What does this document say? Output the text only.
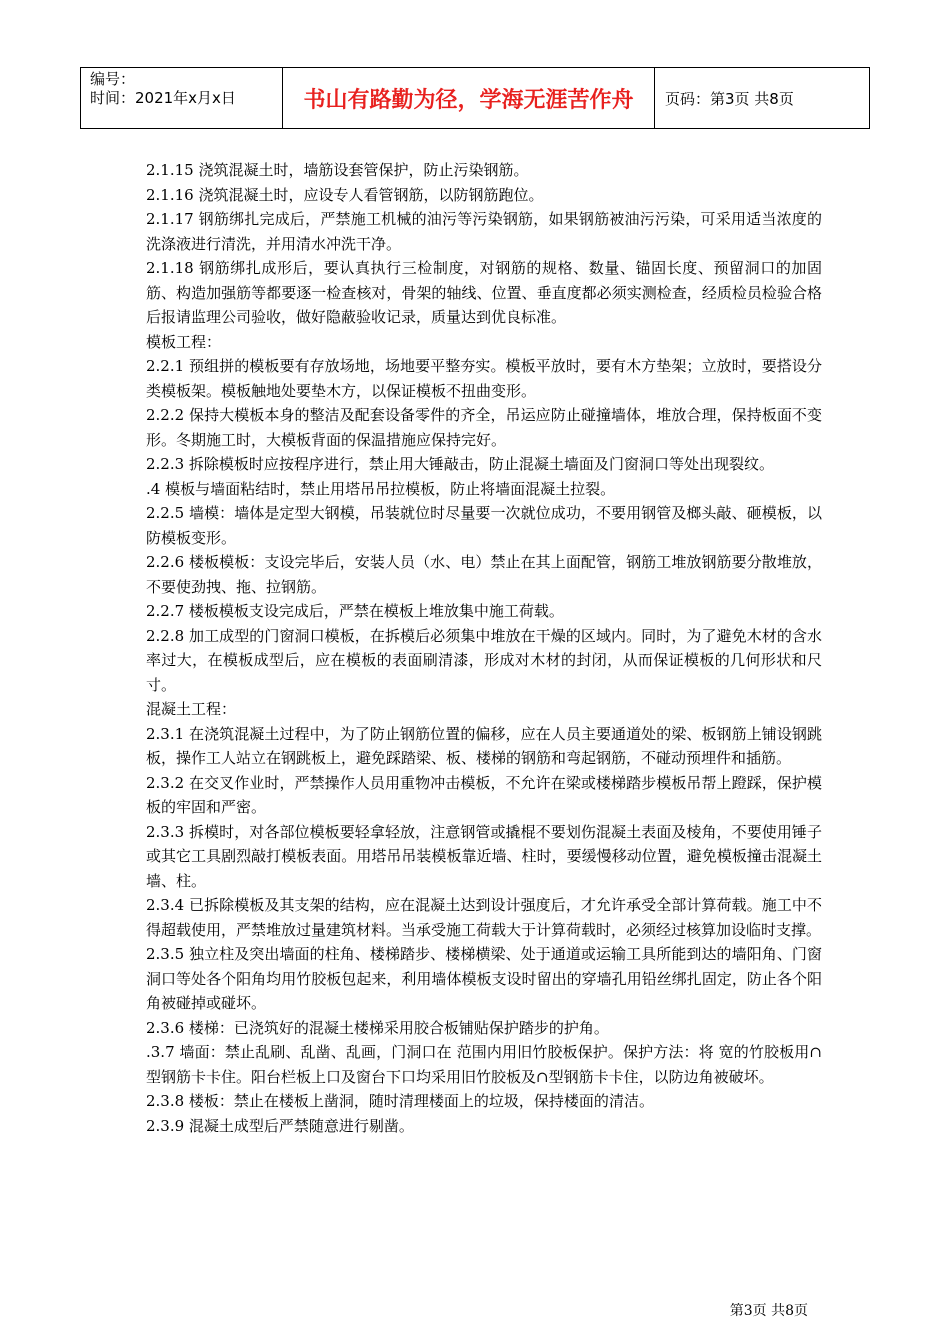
编号：
时间：2021年x月x日	书山有路勤为径，学海无涯苦作舟 页码：第3页 共8页

2.1.15 浇筑混凝土时，墙筋设套管保护，防止污染钢筋。

2.1.16 浇筑混凝土时，应设专人看管钢筋，以防钢筋跑位。

2.1.17 钢筋绑扎完成后，严禁施工机械的油污等污染钢筋，如果钢筋被油污污染，可采用适当浓度的洗涤液进行清洗，并用清水冲洗干净。

2.1.18 钢筋绑扎成形后，要认真执行三检制度，对钢筋的规格、数量、锚固长度、预留洞口的加固筋、构造加强筋等都要逐一检查核对，骨架的轴线、位置、垂直度都必须实测检查，经质检员检验合格后报请监理公司验收，做好隐蔽验收记录，质量达到优良标准。

模板工程：

2.2.1 预组拼的模板要有存放场地，场地要平整夯实。模板平放时，要有木方垫架；立放时，要搭设分类模板架。模板触地处要垫木方，以保证模板不扭曲变形。

2.2.2 保持大模板本身的整洁及配套设备零件的齐全，吊运应防止碰撞墙体，堆放合理，保持板面不变形。冬期施工时，大模板背面的保温措施应保持完好。

2.2.3 拆除模板时应按程序进行，禁止用大锤敲击，防止混凝土墙面及门窗洞口等处出现裂纹。

.4 模板与墙面粘结时，禁止用塔吊吊拉模板，防止将墙面混凝土拉裂。

2.2.5 墙模：墙体是定型大钢模，吊装就位时尽量要一次就位成功，不要用钢管及榔头敲、砸模板，以防模板变形。

2.2.6 楼板模板：支设完毕后，安装人员（水、电）禁止在其上面配管，钢筋工堆放钢筋要分散堆放，不要使劲拽、拖、拉钢筋。

2.2.7 楼板模板支设完成后，严禁在模板上堆放集中施工荷载。

2.2.8 加工成型的门窗洞口模板，在拆模后必须集中堆放在干燥的区域内。同时，为了避免木材的含水率过大，在模板成型后，应在模板的表面刷清漆，形成对木材的封闭，从而保证模板的几何形状和尺寸。

混凝土工程：

2.3.1 在浇筑混凝土过程中，为了防止钢筋位置的偏移，应在人员主要通道处的梁、板钢筋上铺设钢跳板，操作工人站立在钢跳板上，避免踩踏梁、板、楼梯的钢筋和弯起钢筋，不碰动预埋件和插筋。

2.3.2 在交叉作业时，严禁操作人员用重物冲击模板，不允许在梁或楼梯踏步模板吊帮上蹬踩，保护模板的牢固和严密。

2.3.3 拆模时，对各部位模板要轻拿轻放，注意钢管或撬棍不要划伤混凝土表面及棱角，不要使用锤子或其它工具剧烈敲打模板表面。用塔吊吊装模板靠近墙、柱时，要缓慢移动位置，避免模板撞击混凝土墙、柱。

2.3.4 已拆除模板及其支架的结构，应在混凝土达到设计强度后，才允许承受全部计算荷载。施工中不得超载使用，严禁堆放过量建筑材料。当承受施工荷载大于计算荷载时，必须经过核算加设临时支撑。

2.3.5 独立柱及突出墙面的柱角、楼梯踏步、楼梯横梁、处于通道或运输工具所能到达的墙阳角、门窗洞口等处各个阳角均用竹胶板包起来，利用墙体模板支设时留出的穿墙孔用铅丝绑扎固定，防止各个阳角被碰掉或碰坏。

2.3.6 楼梯：已浇筑好的混凝土楼梯采用胶合板铺贴保护踏步的护角。

.3.7 墙面：禁止乱刷、乱凿、乱画，门洞口在 范围内用旧竹胶板保护。保护方法：将 宽的竹胶板用∩型钢筋卡卡住。阳台栏板上口及窗台下口均采用旧竹胶板及∩型钢筋卡卡住，以防边角被破坏。

2.3.8 楼板：禁止在楼板上凿洞，随时清理楼面上的垃圾，保持楼面的清洁。

2.3.9 混凝土成型后严禁随意进行剔凿。

第3页 共8页
